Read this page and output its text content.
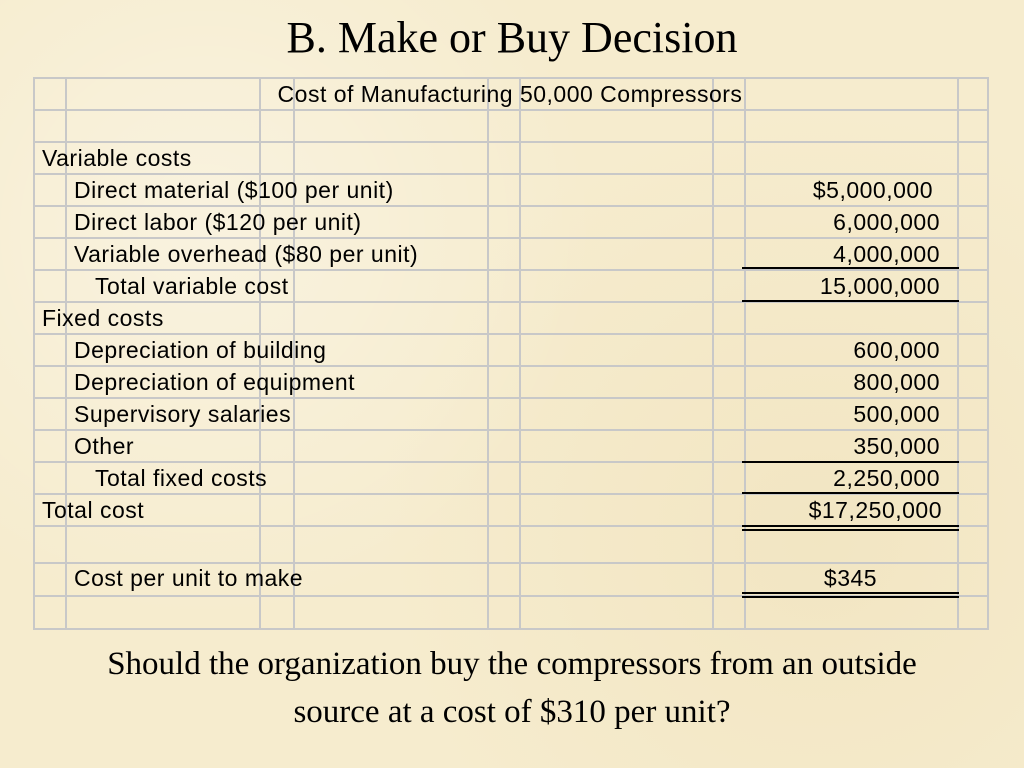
B. Make or Buy Decision
Cost of Manufacturing 50,000 Compressors
Variable costs
Direct material ($100 per unit)
Direct labor ($120 per unit)
Variable overhead ($80 per unit)
Total variable cost
Fixed costs
Depreciation of building
Depreciation of equipment
Supervisory salaries
Other
Total fixed costs
Total cost
Cost per unit to make
$5,000,000
6,000,000
4,000,000
15,000,000
600,000
800,000
500,000
350,000
2,250,000
$17,250,000
$345
Should the organization buy the compressors from an outside
source at a cost of $310 per unit?
